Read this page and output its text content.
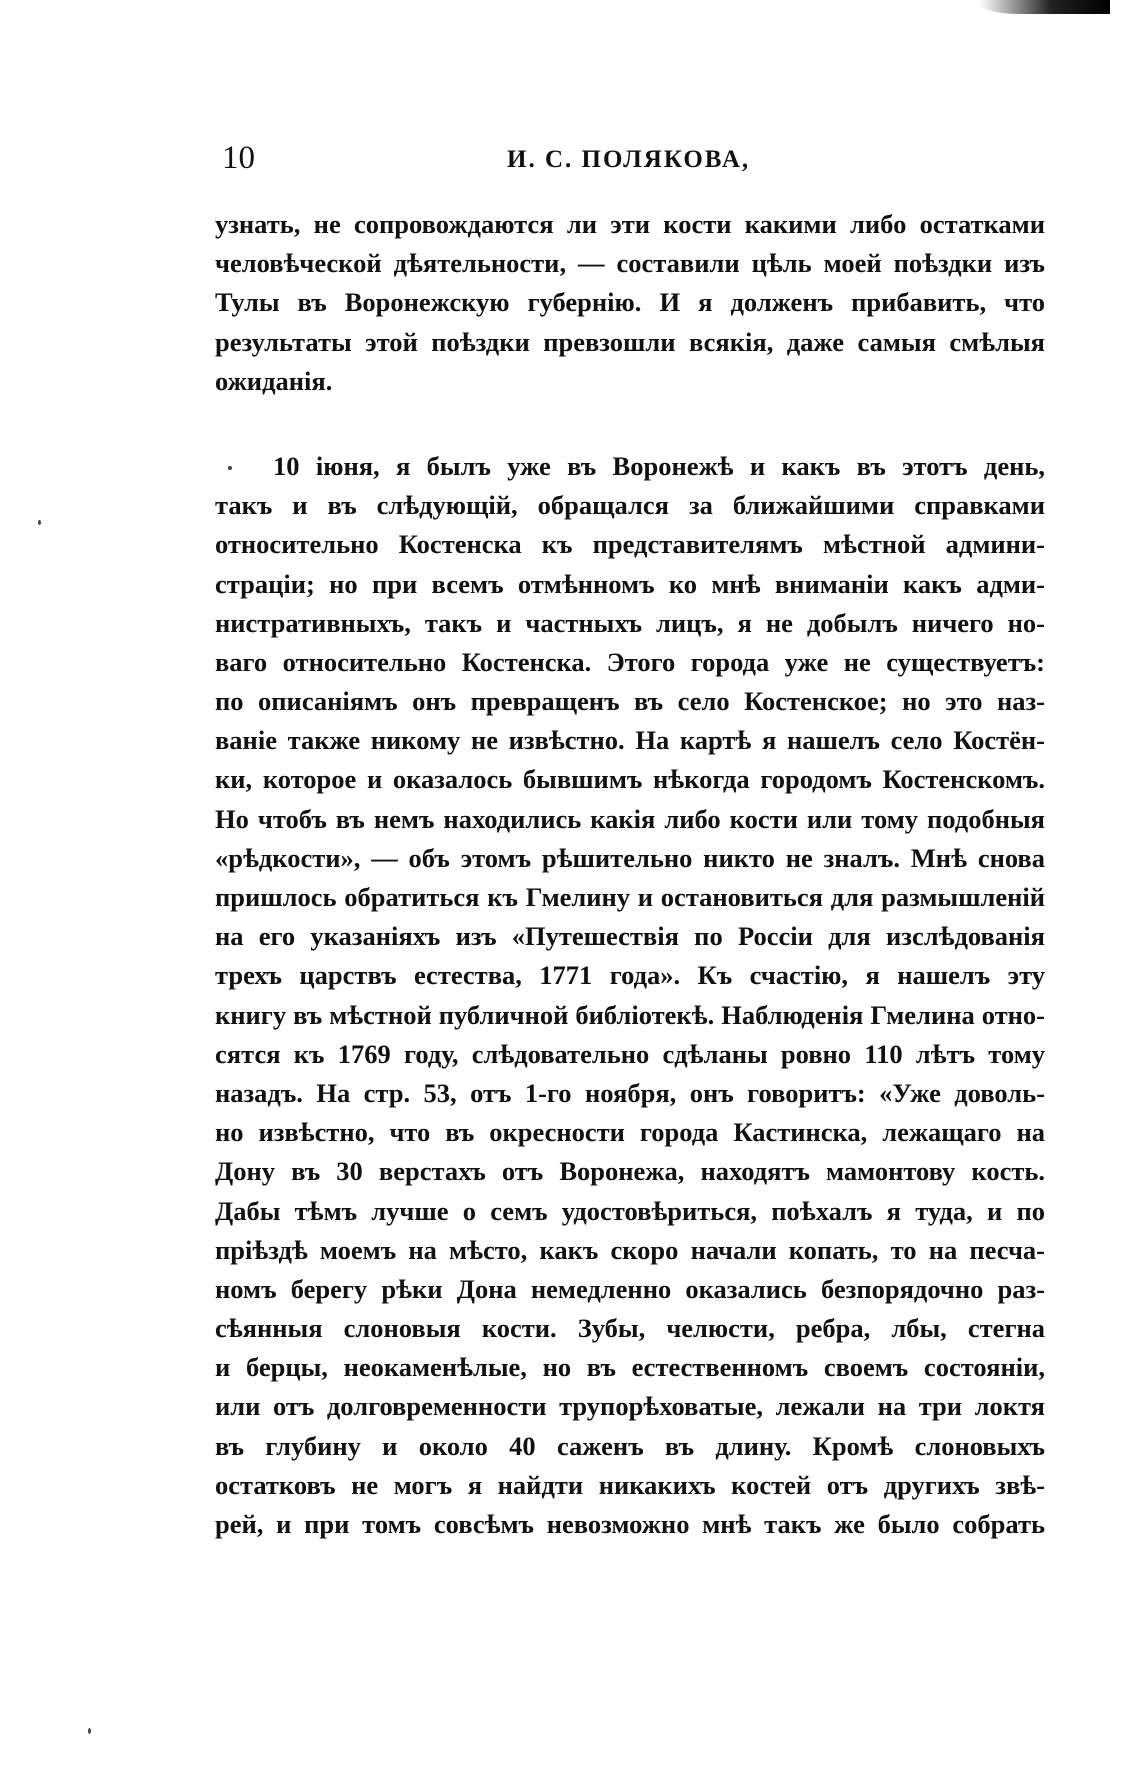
10	И. С. ПОЛЯКОВА,
узнать, не сопровождаются ли эти кости какими либо остатками
человѣческой дѣятельности, — составили цѣль моей поѣздки изъ
Тулы въ Воронежскую губернію. И я долженъ прибавить, что
результаты этой поѣздки превзошли всякія, даже самыя смѣлыя
ожиданія.
10 іюня, я былъ уже въ Воронежѣ и какъ въ этотъ день,
такъ и въ слѣдующій, обращался за ближайшими справками
относительно Костенска къ представителямъ мѣстной админи-
страціи; но при всемъ отмѣнномъ ко мнѣ вниманіи какъ адми-
нистративныхъ, такъ и частныхъ лицъ, я не добылъ ничего но-
ваго относительно Костенска. Этого города уже не существуетъ:
по описаніямъ онъ превращенъ въ село Костенское; но это наз-
ваніе также никому не извѣстно. На картѣ я нашелъ село Костён-
ки, которое и оказалось бывшимъ нѣкогда городомъ Костенскомъ.
Но чтобъ въ немъ находились какія либо кости или тому подобныя
«рѣдкости», — объ этомъ рѣшительно никто не зналъ. Мнѣ снова
пришлось обратиться къ Гмелину и остановиться для размышленій
на его указаніяхъ изъ «Путешествія по Россіи для изслѣдованія
трехъ царствъ естества, 1771 года». Къ счастію, я нашелъ эту
книгу въ мѣстной публичной библіотекѣ. Наблюденія Гмелина отно-
сятся къ 1769 году, слѣдовательно сдѣланы ровно 110 лѣтъ тому
назадъ. На стр. 53, отъ 1-го ноября, онъ говоритъ: «Уже доволь-
но извѣстно, что въ окресности города Кастинска, лежащаго на
Дону въ 30 верстахъ отъ Воронежа, находятъ мамонтову кость.
Дабы тѣмъ лучше о семъ удостовѣриться, поѣхалъ я туда, и по
пріѣздѣ моемъ на мѣсто, какъ скоро начали копать, то на песча-
номъ берегу рѣки Дона немедленно оказались безпорядочно раз-
сѣянныя слоновыя кости. Зубы, челюсти, ребра, лбы, стегна
и берцы, неокаменѣлые, но въ естественномъ своемъ состояніи,
или отъ долговременности трупорѣховатые, лежали на три локтя
въ глубину и около 40 саженъ въ длину. Кромѣ слоновыхъ
остатковъ не могъ я найдти никакихъ костей отъ другихъ звѣ-
рей, и при томъ совсѣмъ невозможно мнѣ такъ же было собрать
